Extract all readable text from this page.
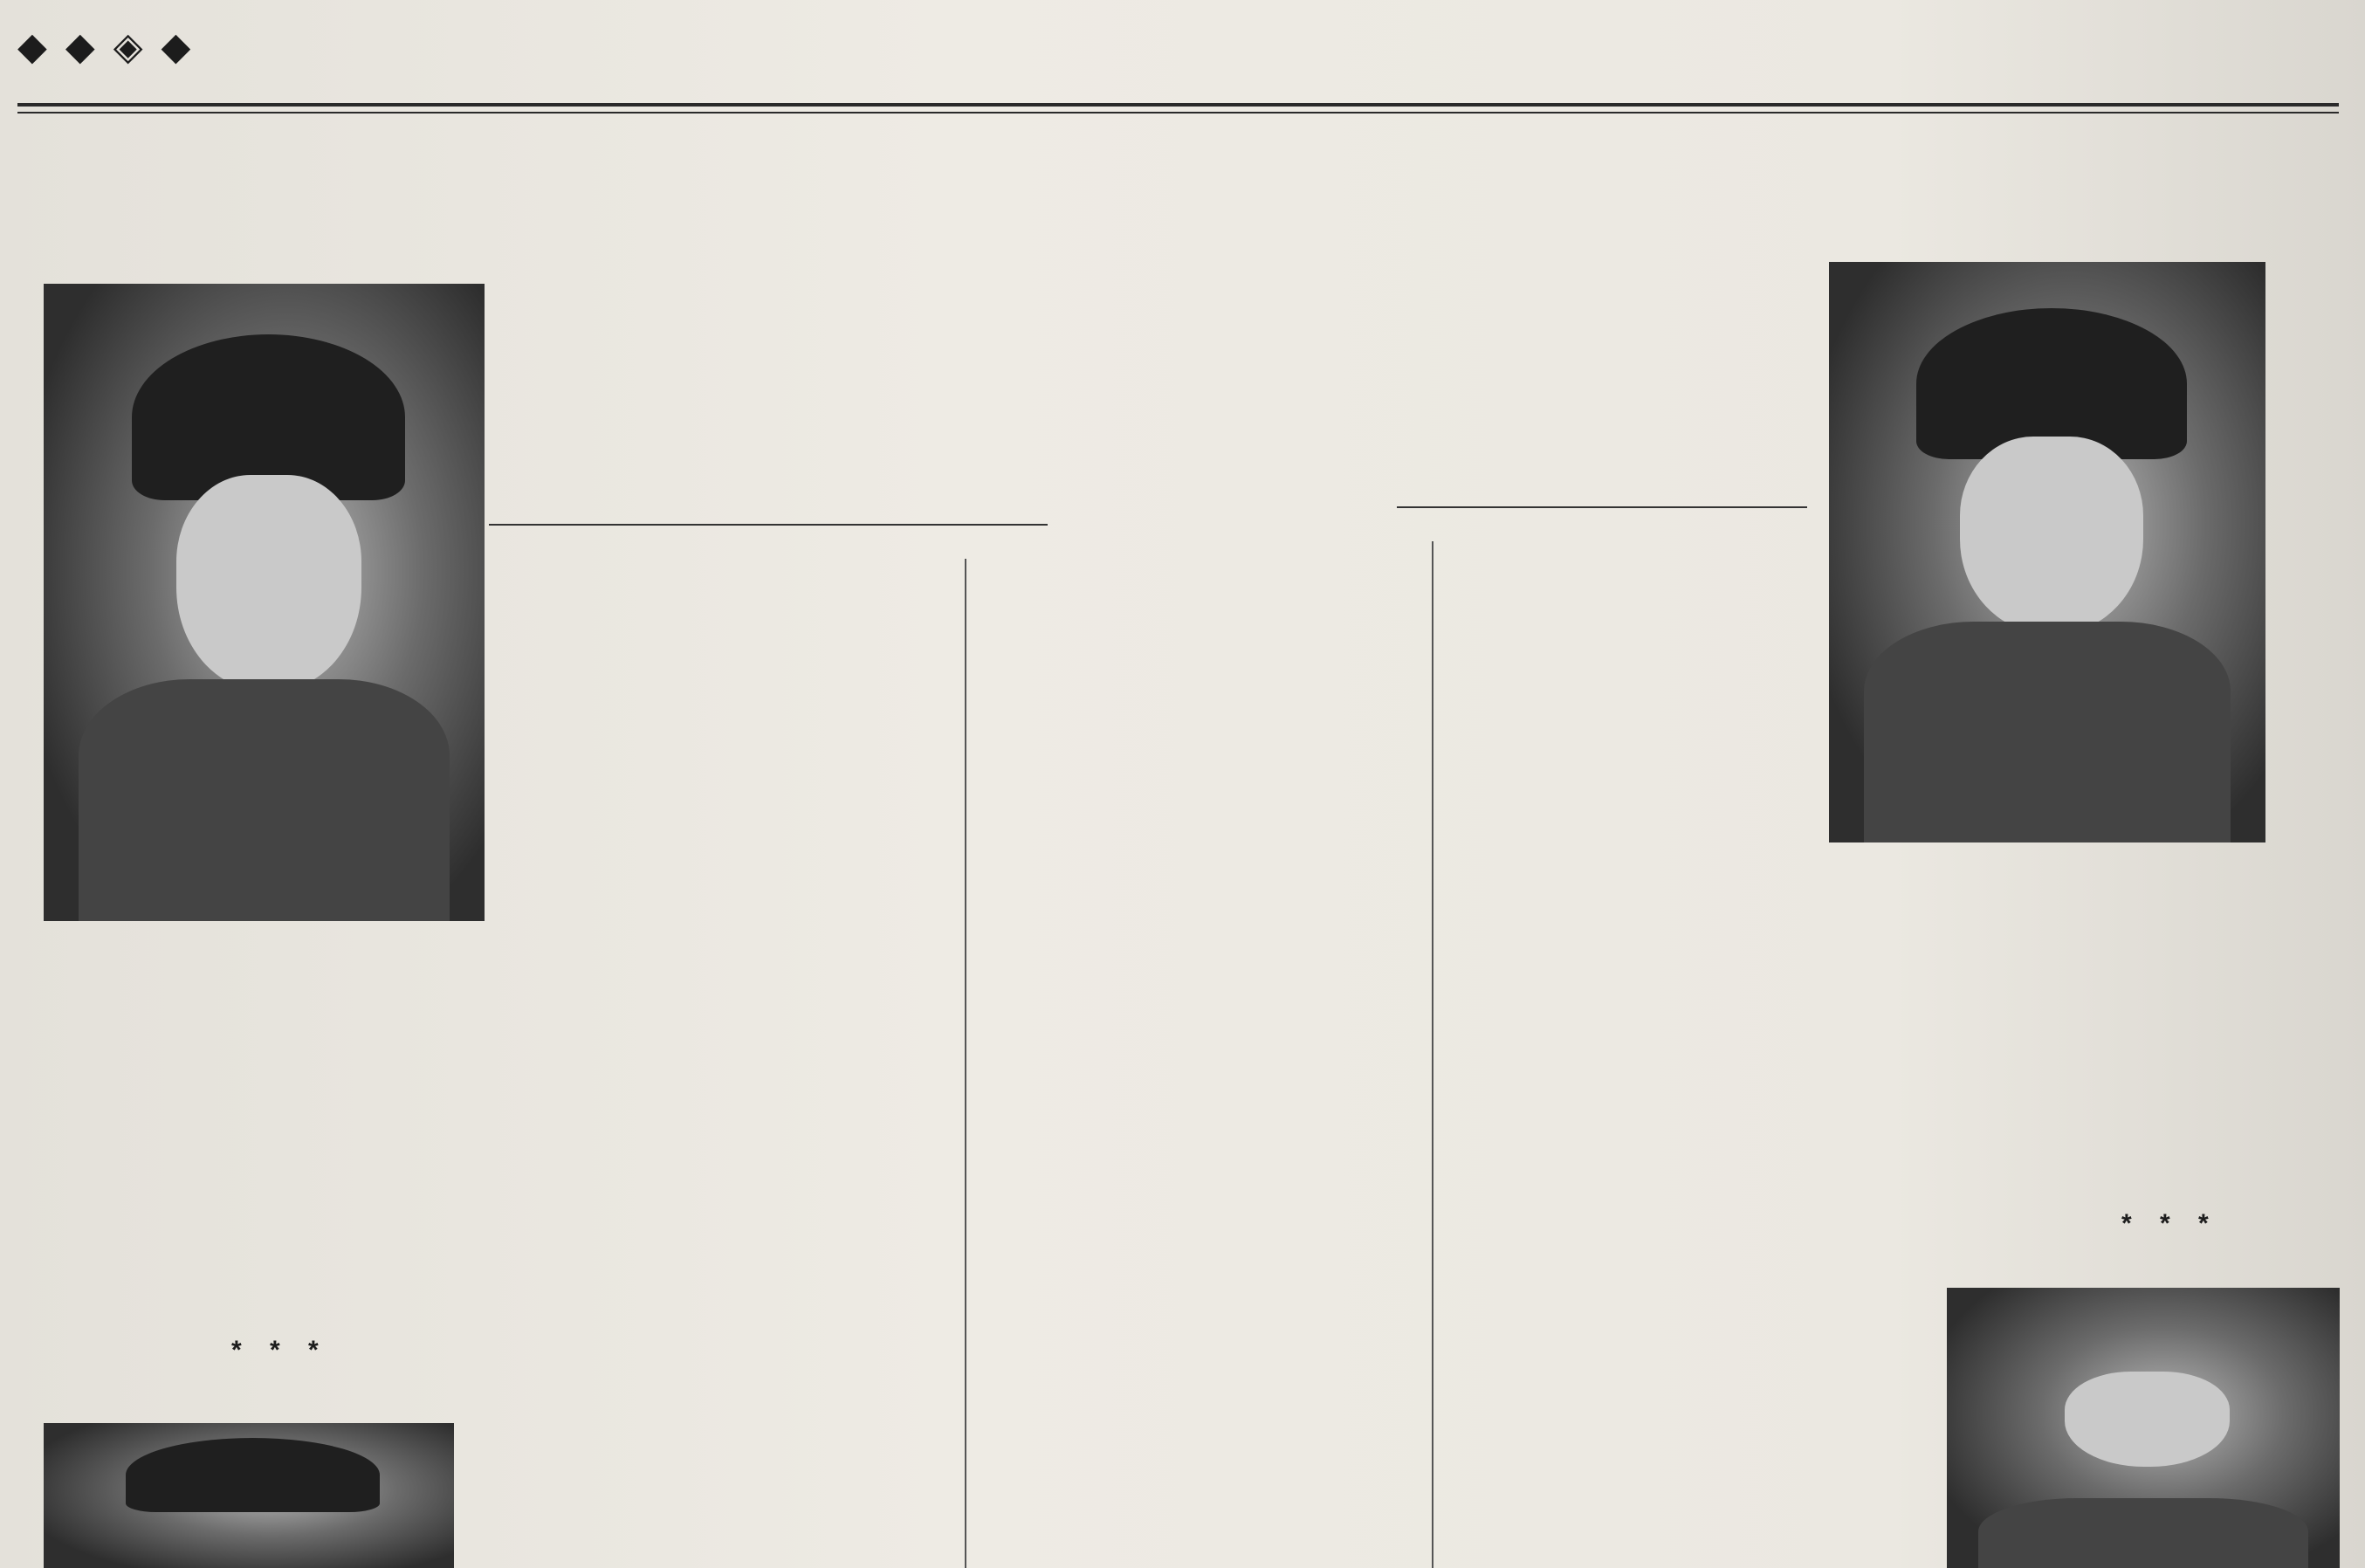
◆ ◆ ◈ ◆
* * *
* * *
